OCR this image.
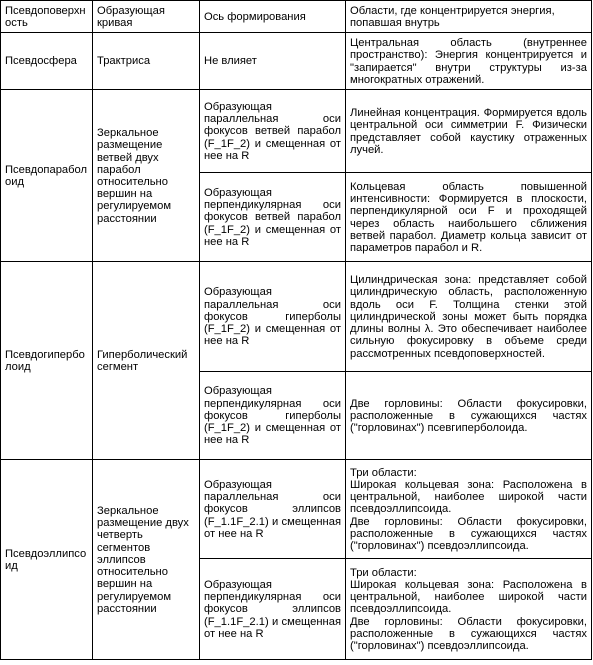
Псевдоповерхность	Образующая кривая	Ось формирования	Области, где концентрируется энергия, попавшая внутрь
Псевдосфера	Трактриса	Не влияет	Центральная область (внутреннее пространство): Энергия концентрируется и "запирается" внутри структуры из-за многократных отражений.
Псевдопараболоид	Зеркальное размещение ветвей двух парабол относительно вершин на регулируемом расстоянии	Образующая параллельная оси фокусов ветвей парабол (F_1F_2) и смещенная от нее на R	Линейная концентрация. Формируется вдоль центральной оси симметрии F. Физически представляет собой каустику отраженных лучей.
		Образующая перпендикулярная оси фокусов ветвей парабол (F_1F_2) и смещенная от нее на R	Кольцевая область повышенной интенсивности: Формируется в плоскости, перпендикулярной оси F и проходящей через область наибольшего сближения ветвей парабол. Диаметр кольца зависит от параметров парабол и R.
Псевдогиперболоид	Гиперболический сегмент	Образующая параллельная оси фокусов гиперболы (F_1F_2) и смещенная от нее на R	Цилиндрическая зона: представляет собой цилиндрическую область, расположенную вдоль оси F. Толщина стенки этой цилиндрической зоны может быть порядка длины волны λ. Это обеспечивает наиболее сильную фокусировку в объеме среди рассмотренных псевдоповерхностей.
		Образующая перпендикулярная оси фокусов гиперболы (F_1F_2) и смещенная от нее на R	Две горловины: Области фокусировки, расположенные в сужающихся частях ("горловинах") псевгиперболоида.
Псевдоэллипсоид	Зеркальное размещение двух четверть сегментов эллипсов относительно вершин на регулируемом расстоянии	Образующая параллельная оси фокусов эллипсов (F_1.1F_2.1) и смещенная от нее на R	Три области:
Широкая кольцевая зона: Расположена в центральной, наиболее широкой части псевдоэллипсоида.
Две горловины: Области фокусировки, расположенные в сужающихся частях ("горловинах") псевдоэллипсоида.

		Образующая перпендикулярная оси фокусов эллипсов (F_1.1F_2.1) и смещенная от нее на R	Три области:
Широкая кольцевая зона: Расположена в центральной, наиболее широкой части псевдоэллипсоида.
Две горловины: Области фокусировки, расположенные в сужающихся частях ("горловинах") псевдоэллипсоида.
